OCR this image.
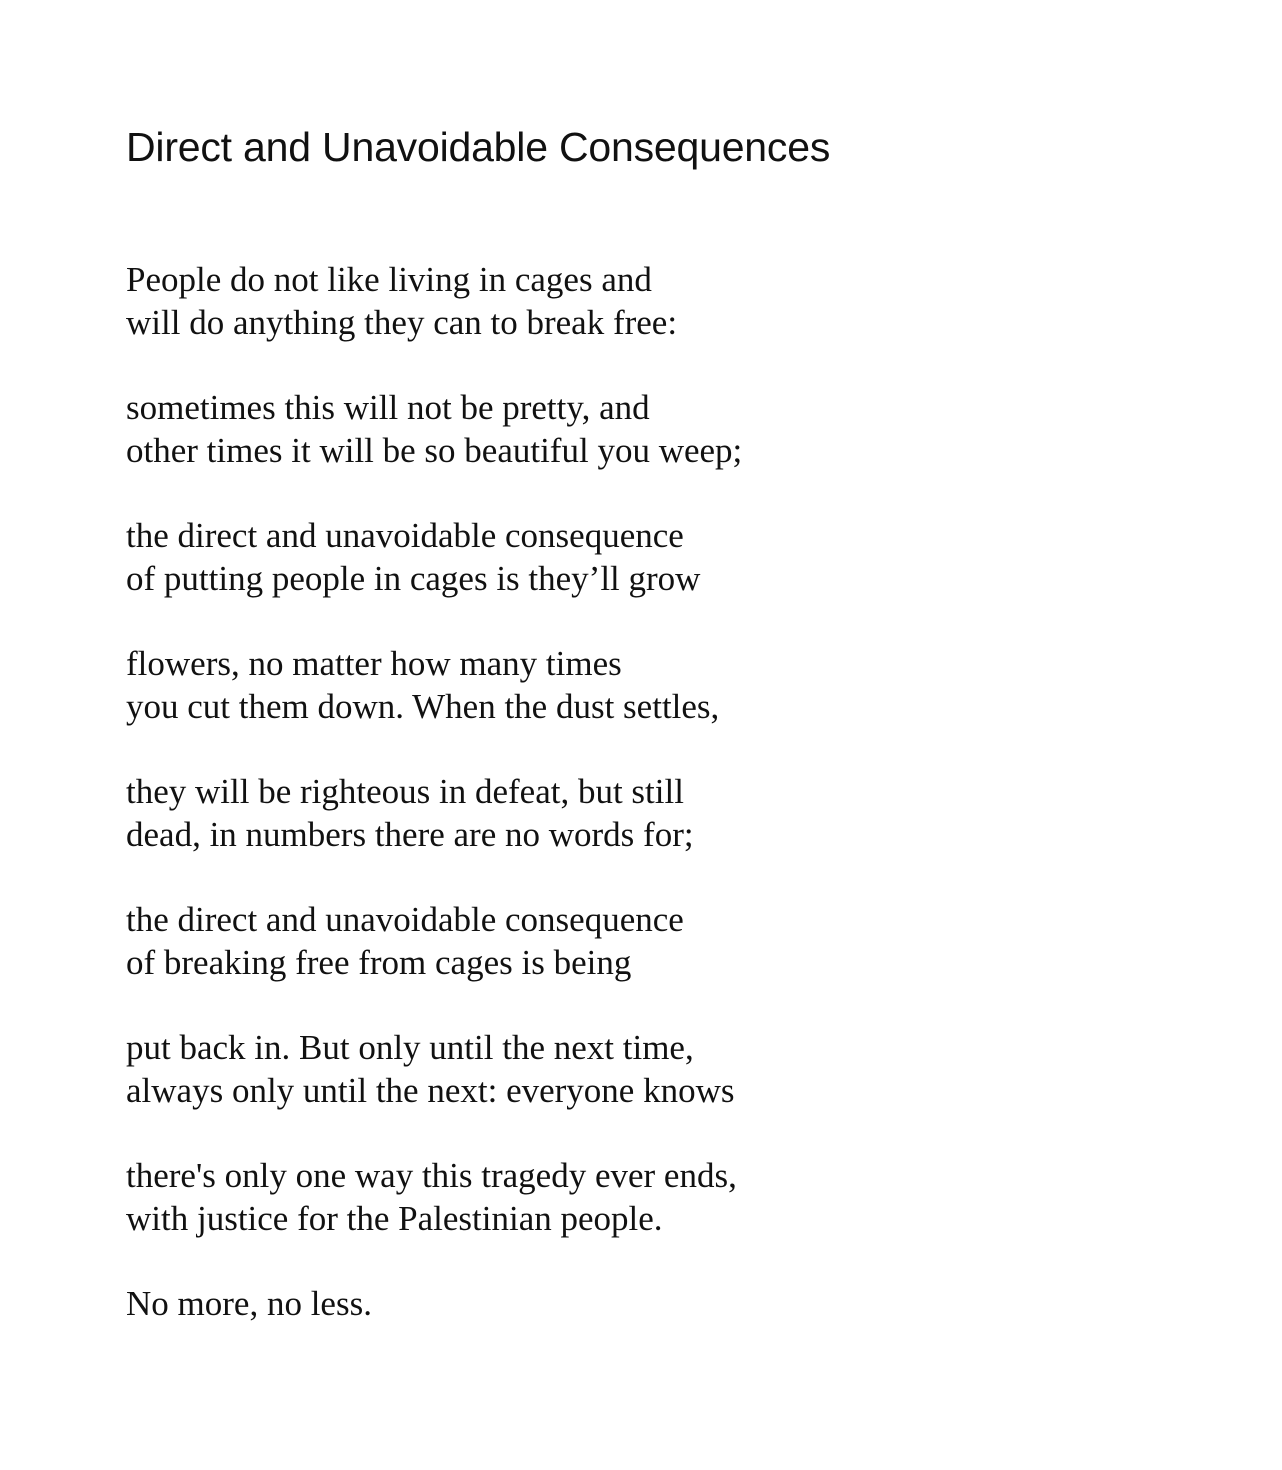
Direct and Unavoidable Consequences

People do not like living in cages and
will do anything they can to break free:

sometimes this will not be pretty, and
other times it will be so beautiful you weep;

the direct and unavoidable consequence
of putting people in cages is they’ll grow

flowers, no matter how many times
you cut them down. When the dust settles,

they will be righteous in defeat, but still
dead, in numbers there are no words for;

the direct and unavoidable consequence
of breaking free from cages is being

put back in. But only until the next time,
always only until the next: everyone knows

there's only one way this tragedy ever ends,
with justice for the Palestinian people.

No more, no less.
